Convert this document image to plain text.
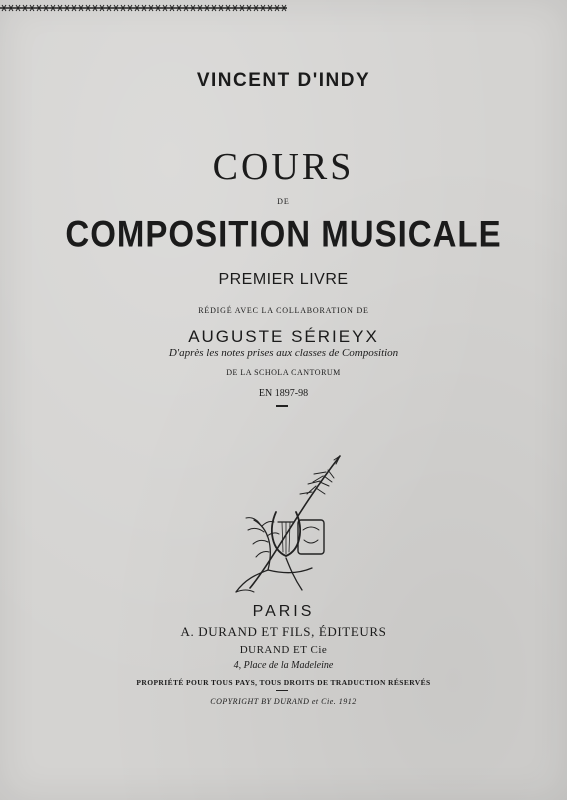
VINCENT D'INDY
COURS
DE
COMPOSITION MUSICALE
PREMIER LIVRE
RÉDIGÉ AVEC LA COLLABORATION DE
AUGUSTE SÉRIEYX
D'après les notes prises aux classes de Composition
DE LA SCHOLA CANTORUM
EN 1897-98
PARIS
A. DURAND ET FILS, ÉDITEURS
DURAND ET Cie
4, Place de la Madeleine
PROPRIÉTÉ POUR TOUS PAYS, TOUS DROITS DE TRADUCTION RÉSERVÉS
COPYRIGHT BY DURAND et Cie. 1912
